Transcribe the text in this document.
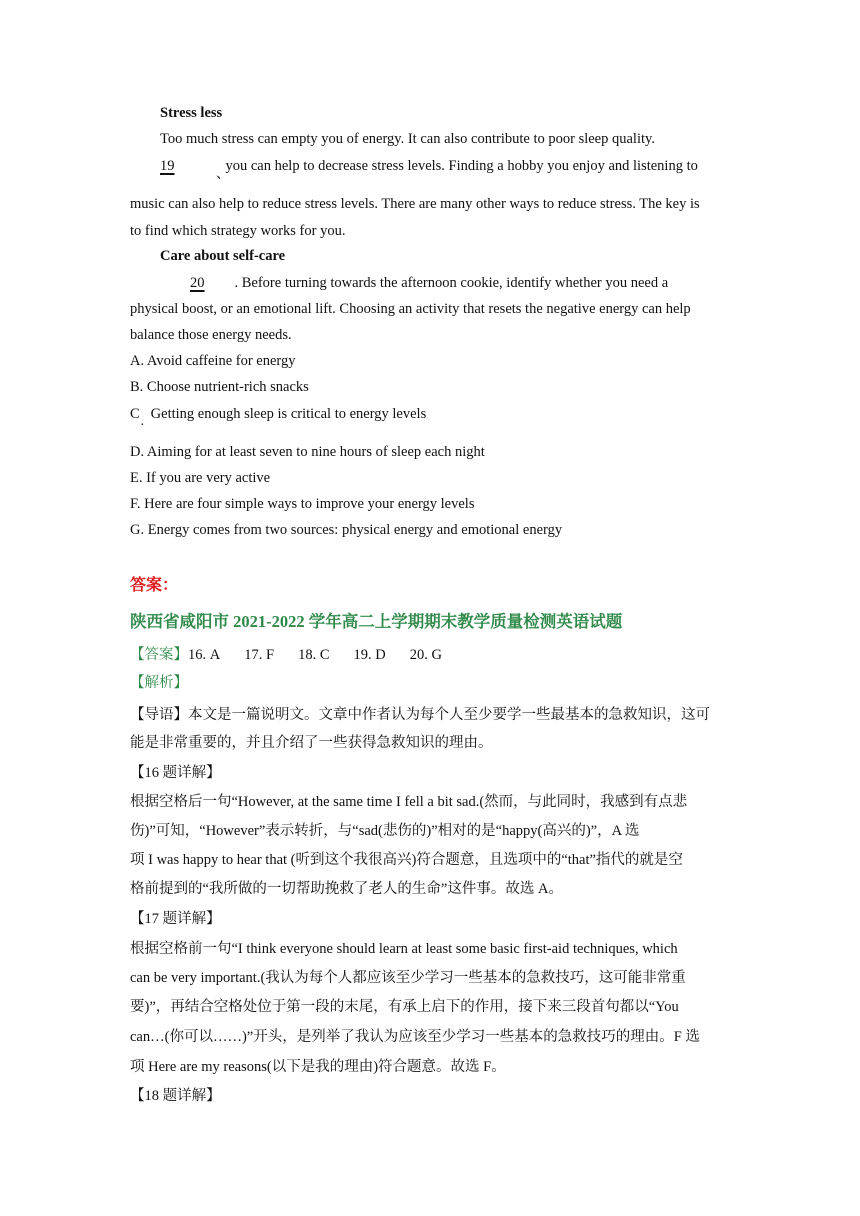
Stress less
Too much stress can empty you of energy. It can also contribute to poor sleep quality.
19	you can help to decrease stress levels. Finding a hobby you enjoy and listening to
、
music can also help to reduce stress levels. There are many other ways to reduce stress. The key is
to find which strategy works for you.
Care about self-care
20 . Before turning towards the afternoon cookie, identify whether you need a
physical boost, or an emotional lift. Choosing an activity that resets the negative energy can help
balance those energy needs.
A. Avoid caffeine for energy
B. Choose nutrient-rich snacks
C Getting enough sleep is critical to energy levels
·
D. Aiming for at least seven to nine hours of sleep each night
E. If you are very active
F. Here are four simple ways to improve your energy levels
G. Energy comes from two sources: physical energy and emotional energy
答案：
陕西省咸阳市 2021-2022 学年高二上学期期末教学质量检测英语试题
【答案】16. A 17. F 18. C 19. D 20. G
【解析】
【导语】本文是一篇说明文。文章中作者认为每个人至少要学一些最基本的急救知识，这可
能是非常重要的，并且介绍了一些获得急救知识的理由。
【16 题详解】
根据空格后一句“However, at the same time I fell a bit sad.(然而，与此同时，我感到有点悲
伤)”可知，“However”表示转折，与“sad(悲伤的)”相对的是“happy(高兴的)”，A 选
项 I was happy to hear that (听到这个我很高兴)符合题意，且选项中的“that”指代的就是空
格前提到的“我所做的一切帮助挽救了老人的生命”这件事。故选 A。
【17 题详解】
根据空格前一句“I think everyone should learn at least some basic first-aid techniques, which
can be very important.(我认为每个人都应该至少学习一些基本的急救技巧，这可能非常重
要)”，再结合空格处位于第一段的末尾，有承上启下的作用，接下来三段首句都以“You
can…(你可以……)”开头，是列举了我认为应该至少学习一些基本的急救技巧的理由。F 选
项 Here are my reasons(以下是我的理由)符合题意。故选 F。
【18 题详解】
